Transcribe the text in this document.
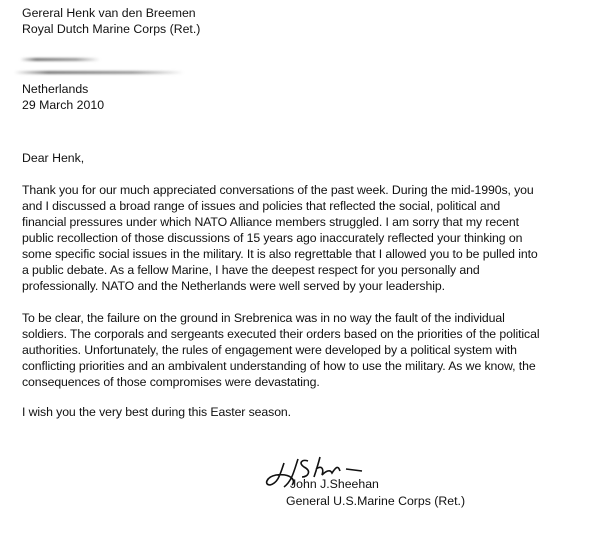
Gereral Henk van den Breemen
Royal Dutch Marine Corps (Ret.)
Netherlands
29 March 2010
Dear Henk,
Thank you for our much appreciated conversations of the past week. During the mid-1990s, you
and I discussed a broad range of issues and policies that reflected the social, political and
financial pressures under which NATO Alliance members struggled. I am sorry that my recent
public recollection of those discussions of 15 years ago inaccurately reflected your thinking on
some specific social issues in the military. It is also regrettable that I allowed you to be pulled into
a public debate. As a fellow Marine, I have the deepest respect for you personally and
professionally. NATO and the Netherlands were well served by your leadership.
To be clear, the failure on the ground in Srebrenica was in no way the fault of the individual
soldiers. The corporals and sergeants executed their orders based on the priorities of the political
authorities. Unfortunately, the rules of engagement were developed by a political system with
conflicting priorities and an ambivalent understanding of how to use the military. As we know, the
consequences of those compromises were devastating.
I wish you the very best during this Easter season.
John J.Sheehan
General U.S.Marine Corps (Ret.)
